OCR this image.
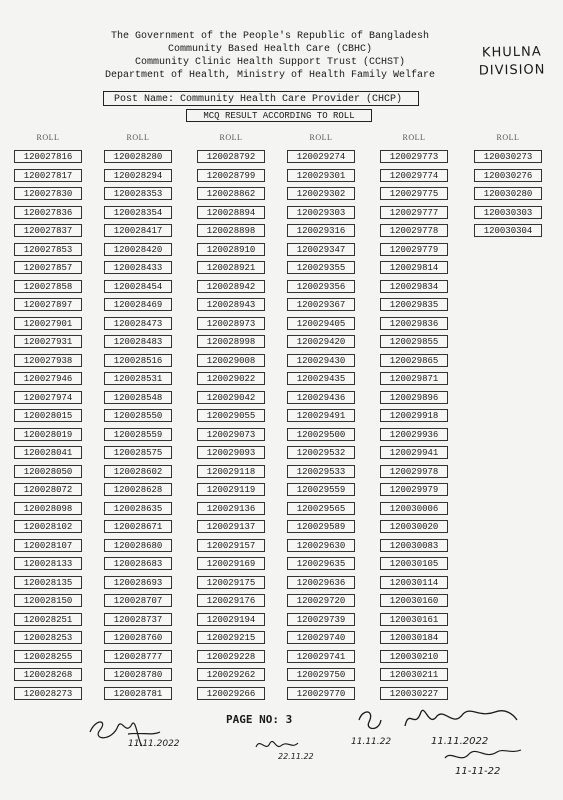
The Government of the People's Republic of Bangladesh
Community Based Health Care (CBHC)
Community Clinic Health Support Trust (CCHST)
Department of Health, Ministry of Health Family Welfare
KHULNA
DIVISION
Post Name: Community Health Care Provider (CHCP)
MCQ RESULT ACCORDING TO ROLL
ROLL
120027816
120027817
120027830
120027836
120027837
120027853
120027857
120027858
120027897
120027901
120027931
120027938
120027946
120027974
120028015
120028019
120028041
120028050
120028072
120028098
120028102
120028107
120028133
120028135
120028150
120028251
120028253
120028255
120028268
120028273
ROLL
120028280
120028294
120028353
120028354
120028417
120028420
120028433
120028454
120028469
120028473
120028483
120028516
120028531
120028548
120028550
120028559
120028575
120028602
120028628
120028635
120028671
120028680
120028683
120028693
120028707
120028737
120028760
120028777
120028780
120028781
ROLL
120028792
120028799
120028862
120028894
120028898
120028910
120028921
120028942
120028943
120028973
120028998
120029008
120029022
120029042
120029055
120029073
120029093
120029118
120029119
120029136
120029137
120029157
120029169
120029175
120029176
120029194
120029215
120029228
120029262
120029266
ROLL
120029274
120029301
120029302
120029303
120029316
120029347
120029355
120029356
120029367
120029405
120029420
120029430
120029435
120029436
120029491
120029500
120029532
120029533
120029559
120029565
120029589
120029630
120029635
120029636
120029720
120029739
120029740
120029741
120029750
120029770
ROLL
120029773
120029774
120029775
120029777
120029778
120029779
120029814
120029834
120029835
120029836
120029855
120029865
120029871
120029896
120029918
120029936
120029941
120029978
120029979
120030006
120030020
120030083
120030105
120030114
120030160
120030161
120030184
120030210
120030211
120030227
ROLL
120030273
120030276
120030280
120030303
120030304
PAGE NO: 3
11.11.2022
22.11.22
11.11.22	11.11.2022
11-11-22
